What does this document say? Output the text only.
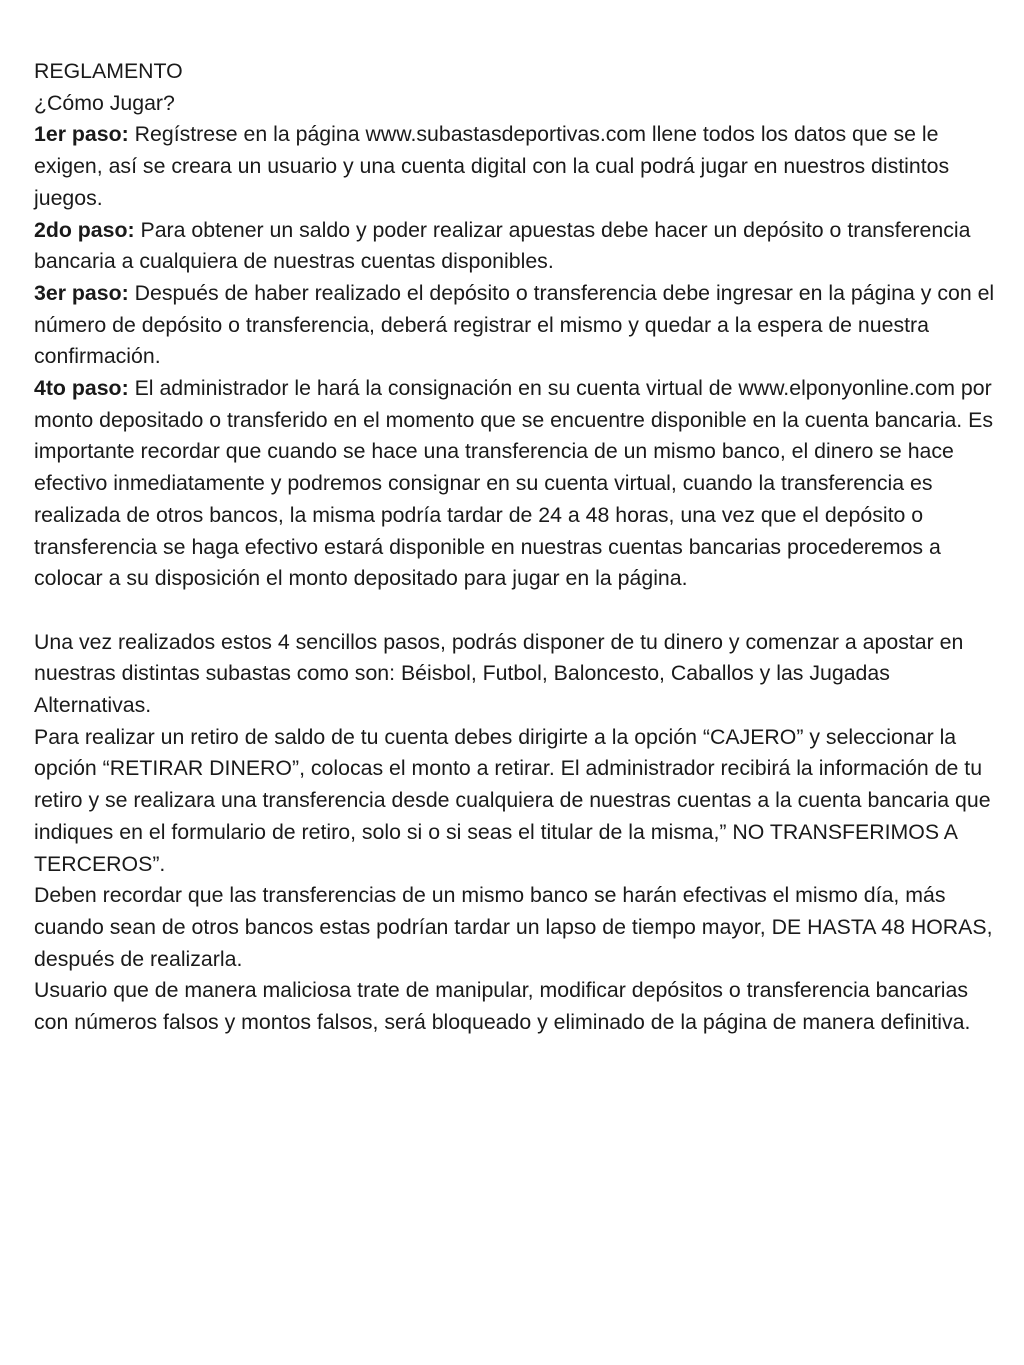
REGLAMENTO
¿Cómo Jugar?
1er paso: Regístrese en la página www.subastasdeportivas.com llene todos los datos que se le exigen, así se creara un usuario y una cuenta digital con la cual podrá jugar en nuestros distintos juegos.
2do paso: Para obtener un saldo y poder realizar apuestas debe hacer un depósito o transferencia bancaria a cualquiera de nuestras cuentas disponibles.
3er paso: Después de haber realizado el depósito o transferencia debe ingresar en la página y con el número de depósito o transferencia, deberá registrar el mismo y quedar a la espera de nuestra confirmación.
4to paso: El administrador le hará la consignación en su cuenta virtual de www.elponyonline.com por monto depositado o transferido en el momento que se encuentre disponible en la cuenta bancaria. Es importante recordar que cuando se hace una transferencia de un mismo banco, el dinero se hace efectivo inmediatamente y podremos consignar en su cuenta virtual, cuando la transferencia es realizada de otros bancos, la misma podría tardar de 24 a 48 horas, una vez que el depósito o transferencia se haga efectivo estará disponible en nuestras cuentas bancarias procederemos a colocar a su disposición el monto depositado para jugar en la página.
Una vez realizados estos 4 sencillos pasos, podrás disponer de tu dinero y comenzar a apostar en nuestras distintas subastas como son: Béisbol, Futbol, Baloncesto, Caballos y las Jugadas Alternativas.
Para realizar un retiro de saldo de tu cuenta debes dirigirte a la opción “CAJERO” y seleccionar la opción “RETIRAR DINERO”, colocas el monto a retirar. El administrador recibirá la información de tu retiro y se realizara una transferencia desde cualquiera de nuestras cuentas a la cuenta bancaria que indiques en el formulario de retiro, solo si o si seas el titular de la misma,” NO TRANSFERIMOS A TERCEROS”.
Deben recordar que las transferencias de un mismo banco se harán efectivas el mismo día, más cuando sean de otros bancos estas podrían tardar un lapso de tiempo mayor, DE HASTA 48 HORAS, después de realizarla.
Usuario que de manera maliciosa trate de manipular, modificar depósitos o transferencia bancarias con números falsos y montos falsos, será bloqueado y eliminado de la página de manera definitiva.
